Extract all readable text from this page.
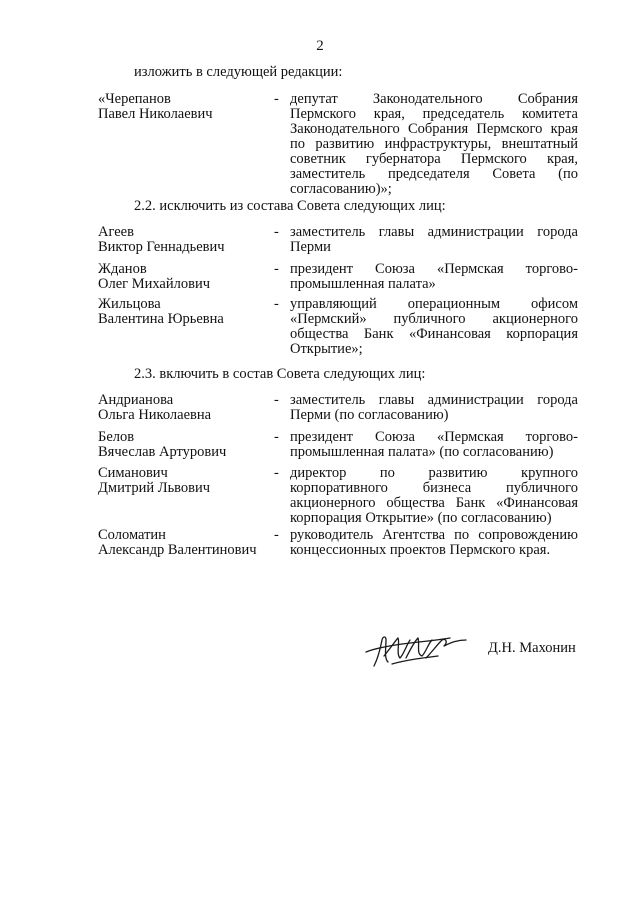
2
изложить в следующей редакции:
«Черепанов
Павел Николаевич
- депутат Законодательного Собрания Пермского края, председатель комитета Законодательного Собрания Пермского края по развитию инфраструктуры, внештатный советник губернатора Пермского края, заместитель председателя Совета (по согласованию)»;
2.2. исключить из состава Совета следующих лиц:
Агеев
Виктор Геннадьевич
- заместитель главы администрации города Перми
Жданов
Олег Михайлович
- президент Союза «Пермская торгово-промышленная палата»
Жильцова
Валентина Юрьевна
- управляющий операционным офисом «Пермский» публичного акционерного общества Банк «Финансовая корпорация Открытие»;
2.3. включить в состав Совета следующих лиц:
Андрианова
Ольга Николаевна
- заместитель главы администрации города Перми (по согласованию)
Белов
Вячеслав Артурович
- президент Союза «Пермская торгово-промышленная палата» (по согласованию)
Симанович
Дмитрий Львович
- директор по развитию крупного корпоративного бизнеса публичного акционерного общества Банк «Финансовая корпорация Открытие» (по согласованию)
Соломатин
Александр Валентинович
- руководитель Агентства по сопровождению концессионных проектов Пермского края.
Д.Н. Махонин
